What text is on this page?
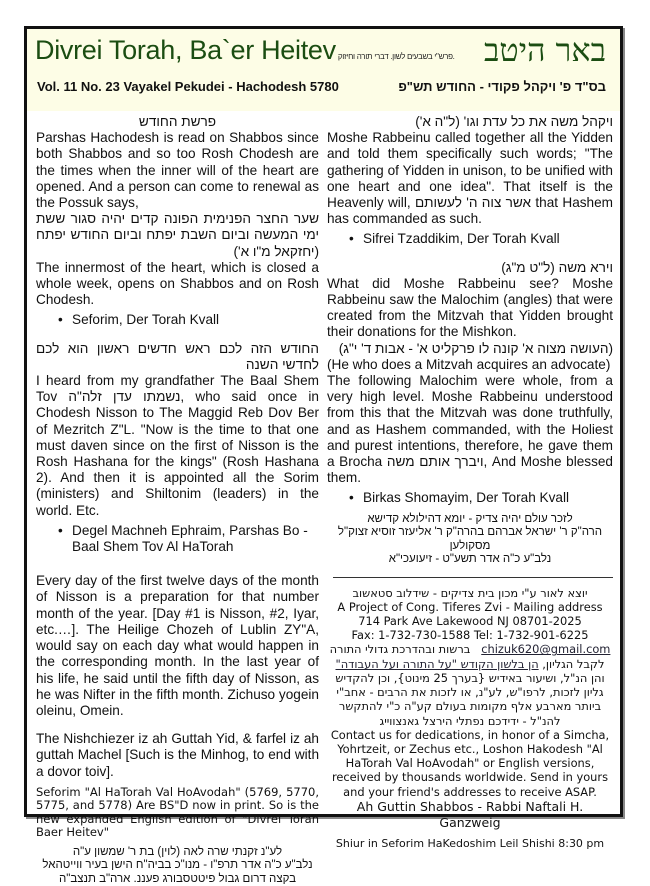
Divrei Torah, Ba`er Heitev פרש"י בשבעים לשון. דברי תורה וחיזוק. באר היטב
Vol. 11 No. 23 Vayakel Pekudei - Hachodesh 5780	בס"ד פ' ויקהל פקודי - החודש תש"פ

פרשת החודש

Parshas Hachodesh is read on Shabbos since both Shabbos and so too Rosh Chodesh are the times when the inner will of the heart are opened. And a person can come to renewal as the Possuk says,

שער החצר הפנימית הפונה קדים יהיה סגור ששת ימי המעשה וביום השבת יפתח וביום החודש יפתח (יחזקאל מ"ו א')

The innermost of the heart, which is closed a whole week, opens on Shabbos and on Rosh Chodesh.

• Seforim, Der Torah Kvall

החודש הזה לכם ראש חדשים ראשון הוא לכם לחדשי השנה

I heard from my grandfather The Baal Shem Tov נשמתו עדן זלה"ה, who said once in Chodesh Nisson to The Maggid Reb Dov Ber of Mezritch Z"L. "Now is the time to that one must daven since on the first of Nisson is the Rosh Hashana for the kings" (Rosh Hashana 2). And then it is appointed all the Sorim (ministers) and Shiltonim (leaders) in the world. Etc.

• Degel Machneh Ephraim, Parshas Bo - Baal Shem Tov Al HaTorah

Every day of the first twelve days of the month of Nisson is a preparation for that number month of the year. [Day #1 is Nisson, #2, Iyar, etc.…]. The Heilige Chozeh of Lublin ZY"A, would say on each day what would happen in the corresponding month. In the last year of his life, he said until the fifth day of Nisson, as he was Nifter in the fifth month. Zichuso yogein oleinu, Omein.

The Nishchiezer iz ah Guttah Yid, & farfel iz ah guttah Machel [Such is the Minhog, to end with a dovor toiv].

Seforim "Al HaTorah Val HoAvodah" (5769, 5770, 5775, and 5778) Are BS"D now in print. So is the new expanded English edition of "Divrei Torah Baer Heitev"

לע"נ זקנתי שרה לאה (לוין) בת ר' שמשון ע"ה

נלב"ע כ"ה אדר תרפ"ו - מנו"כ בביה"ח הישן בעיר ווייטהאל

בקצה דרום גבול פיטטסבורג פעננ. ארה"ב תנצב"ה

ויקהל משה את כל עדת וגו' (ל"ה א')

Moshe Rabbeinu called together all the Yidden and told them specifically such words; "The gathering of Yidden in unison, to be unified with one heart and one idea". That itself is the Heavenly will, אשר צוה ה' לעשותם that Hashem has commanded as such.

• Sifrei Tzaddikim, Der Torah Kvall

וירא משה (ל"ט מ"ג)

What did Moshe Rabbeinu see? Moshe Rabbeinu saw the Malochim (angles) that were created from the Mitzvah that Yidden brought their donations for the Mishkon.

(העושה מצוה א' קונה לו פרקליט א' - אבות ד' י"ג)

(He who does a Mitzvah acquires an advocate)

The following Malochim were whole, from a very high level. Moshe Rabbeinu understood from this that the Mitzvah was done truthfully, and as Hashem commanded, with the Holiest and purest intentions, therefore, he gave them a Brocha ויברך אותם משה, And Moshe blessed them.

• Birkas Shomayim, Der Torah Kvall

לזכר עולם יהיה צדיק - יומא דהילולא קדישא

הרה"ק ר' ישראל אברהם בהרה"ק ר' אליעזר זוסיא זצוק"ל

מסקולען

נלב"ע כ"ה אדר תשע"ט - זיעועכי"א

יוצא לאור ע"י מכון בית צדיקים - שידלוב סטאשוב

A Project of Cong. Tiferes Zvi - Mailing address

714 Park Ave Lakewood NJ 08701-2025

Fax: 1-732-730-1588 Tel: 1-732-901-6225

ברשות ובהדרכת גדולי התורה chizuk620@gmail.com

לקבל הגליון, הן בלשון הקודש "על התורה ועל העבודה" והן הנ"ל, ושיעור באידיש {בערך 25 מינוט}, וכן להקדיש גליון לזכות, לרפו"ש, לע"נ, או לזכות את הרבים - אחב"י ביותר מארבע אלף מקומות בעולם קע"ה כ"י להתקשר להנ"ל - ידידכם נפתלי הירצל גאנצווייג

Contact us for dedications, in honor of a Simcha, Yohrtzeit, or Zechus etc., Loshon Hakodesh "Al HaTorah Val HoAvodah" or English versions, received by thousands worldwide. Send in yours and your friend's addresses to receive ASAP.

Ah Guttin Shabbos - Rabbi Naftali H. Ganzweig

Shiur in Seforim HaKedoshim Leil Shishi 8:30 pm
